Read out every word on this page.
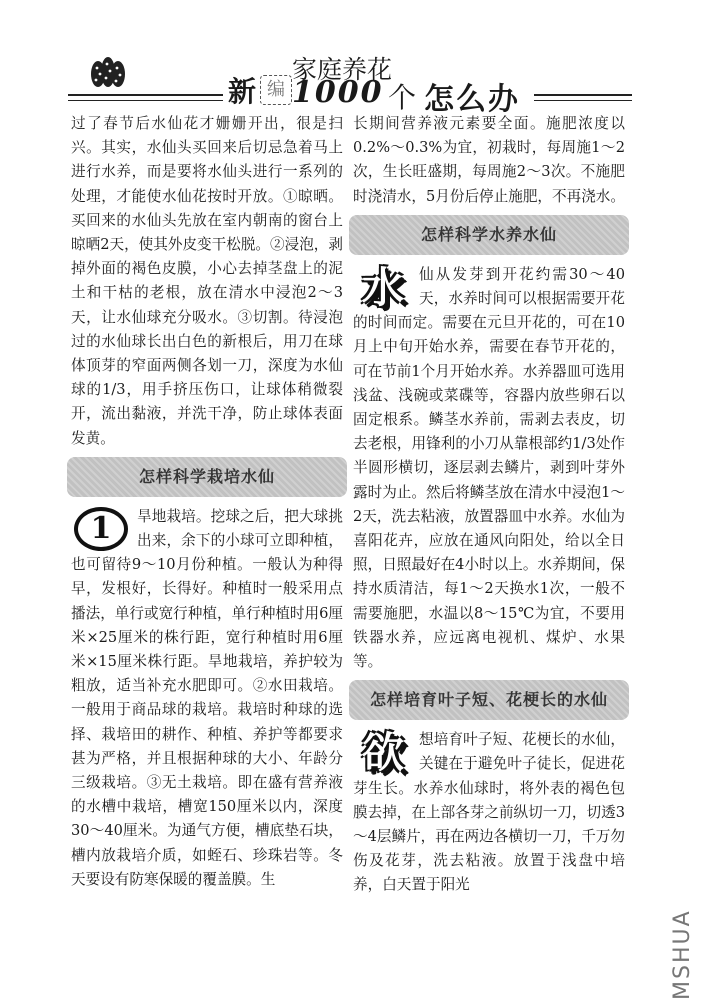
新 编
家庭养花
1000 个 怎么办

过了春节后水仙花才姗姗开出，很是扫兴。其实，水仙头买回来后切忌急着马上进行水养，而是要将水仙头进行一系列的处理，才能使水仙花按时开放。①晾晒。买回来的水仙头先放在室内朝南的窗台上晾晒2天，使其外皮变干松脱。②浸泡，剥掉外面的褐色皮膜，小心去掉茎盘上的泥土和干枯的老根，放在清水中浸泡2～3天，让水仙球充分吸水。③切割。待浸泡过的水仙球长出白色的新根后，用刀在球体顶芽的窄面两侧各划一刀，深度为水仙球的1/3，用手挤压伤口，让球体稍微裂开，流出黏液，并洗干净，防止球体表面发黄。

怎样科学栽培水仙

1	旱地栽培。挖球之后，把大球挑出来，余下的小球可立即种植，也可留待9～10月份种植。一般认为种得早，发根好，长得好。种植时一般采用点播法，单行或宽行种植，单行种植时用6厘米×25厘米的株行距，宽行种植时用6厘米×15厘米株行距。旱地栽培，养护较为粗放，适当补充水肥即可。②水田栽培。一般用于商品球的栽培。栽培时种球的选择、栽培田的耕作、种植、养护等都要求甚为严格，并且根据种球的大小、年龄分三级栽培。③无土栽培。即在盛有营养液的水槽中栽培，槽宽150厘米以内，深度30～40厘米。为通气方便，槽底垫石块，槽内放栽培介质，如蛭石、珍珠岩等。冬天要设有防寒保暖的覆盖膜。生

长期间营养液元素要全面。施肥浓度以0.2%～0.3%为宜，初栽时，每周施1～2次，生长旺盛期，每周施2～3次。不施肥时浇清水，5月份后停止施肥，不再浇水。

怎样科学水养水仙

水	仙从发芽到开花约需30～40天，水养时间可以根据需要开花的时间而定。需要在元旦开花的，可在10月上中旬开始水养，需要在春节开花的，可在节前1个月开始水养。水养器皿可选用浅盆、浅碗或菜碟等，容器内放些卵石以固定根系。鳞茎水养前，需剥去表皮，切去老根，用锋利的小刀从靠根部约1/3处作半圆形横切，逐层剥去鳞片，剥到叶芽外露时为止。然后将鳞茎放在清水中浸泡1～2天，洗去粘液，放置器皿中水养。水仙为喜阳花卉，应放在通风向阳处，给以全日照，日照最好在4小时以上。水养期间，保持水质清洁，每1～2天换水1次，一般不需要施肥，水温以8～15℃为宜，不要用铁器水养，应远离电视机、煤炉、水果等。

怎样培育叶子短、花梗长的水仙

欲	想培育叶子短、花梗长的水仙，关键在于避免叶子徒长，促进花芽生长。水养水仙球时，将外表的褐色包膜去掉，在上部各芽之前纵切一刀，切透3～4层鳞片，再在两边各横切一刀，千万勿伤及花芽，洗去粘液。放置于浅盘中培养，白天置于阳光

MSHUA
